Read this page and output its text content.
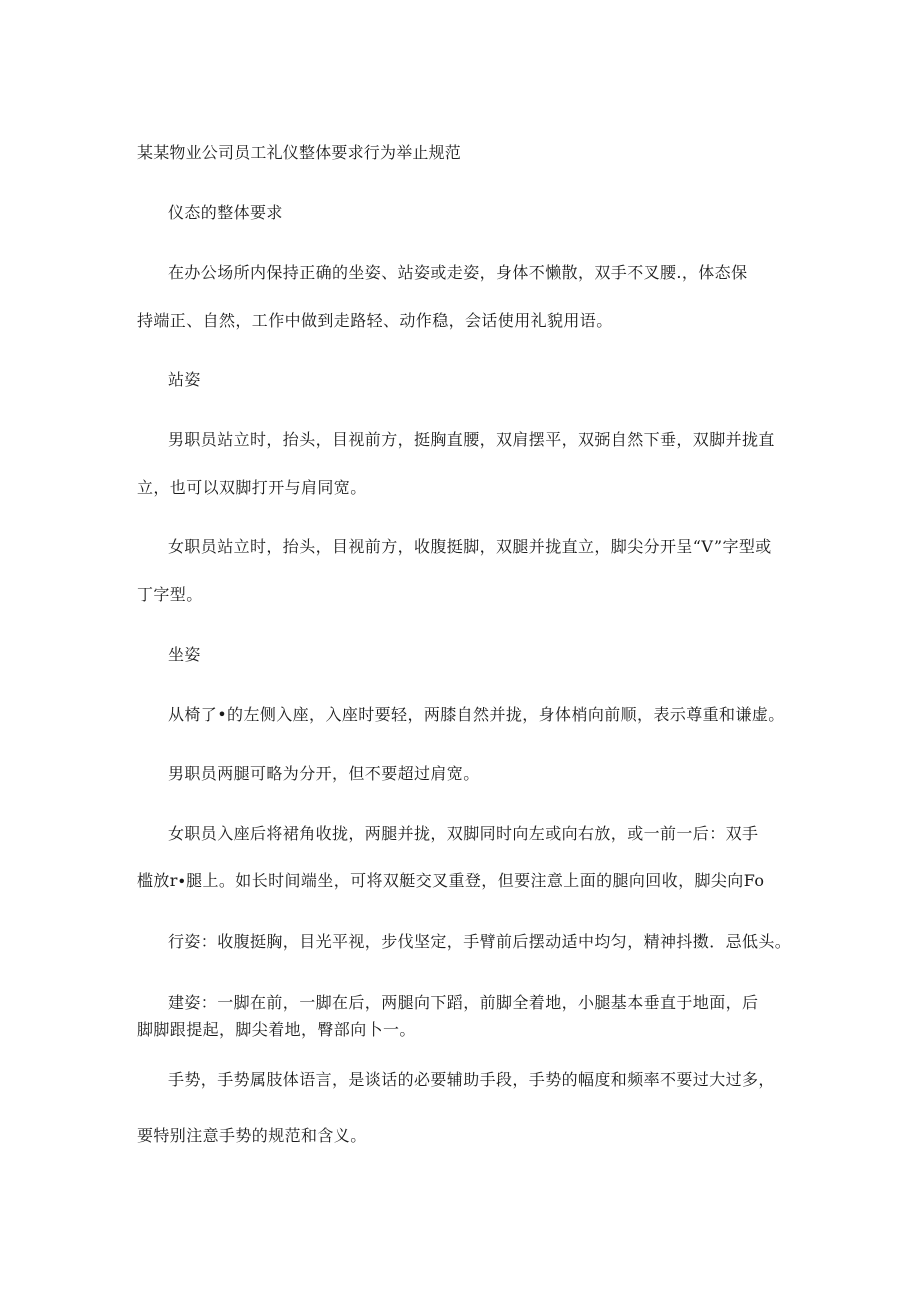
某某物业公司员工礼仪整体要求行为举止规范
仪态的整体要求
在办公场所内保持正确的坐姿、站姿或走姿，身体不懒散，双手不叉腰.，体态保
持端正、自然，工作中做到走路轻、动作稳，会话使用礼貌用语。
站姿
男职员站立时，抬头，目视前方，挺胸直腰，双肩摆平，双弼自然下垂，双脚并拢直
立，也可以双脚打开与肩同宽。
女职员站立时，抬头，目视前方，收腹挺脚，双腿并拢直立，脚尖分开呈“V”字型或
丁字型。
坐姿
从椅了•的左侧入座，入座时要轻，两膝自然并拢，身体梢向前顺，表示尊重和谦虚。
男职员两腿可略为分开，但不要超过肩宽。
女职员入座后将裙角收拢，两腿并拢，双脚同时向左或向右放，或一前一后：双手
槛放r∙腿上。如长时间端坐，可将双艇交叉重登，但要注意上面的腿向回收，脚尖向Fo
行姿：收腹挺胸，目光平视，步伐坚定，手臂前后摆动适中均匀，精神抖擞．忌低头。
建姿：一脚在前，一脚在后，两腿向下蹈，前脚全着地，小腿基本垂直于地面，后
脚脚跟提起，脚尖着地，臀部向卜一。
手势，手势属肢体语言，是谈话的必要辅助手段，手势的幅度和频率不要过大过多，
要特别注意手势的规范和含义。
